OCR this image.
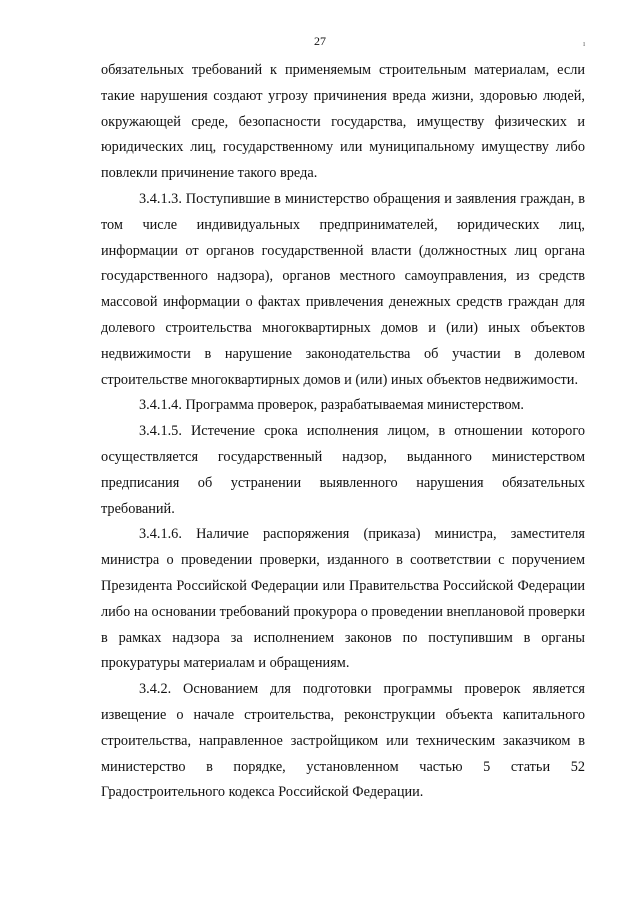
27	ı

обязательных требований к применяемым строительным материалам, если такие нарушения создают угрозу причинения вреда жизни, здоровью людей, окружающей среде, безопасности государства, имуществу физических и юридических лиц, государственному или муниципальному имуществу либо повлекли причинение такого вреда.

3.4.1.3. Поступившие в министерство обращения и заявления граждан, в том числе индивидуальных предпринимателей, юридических лиц, информации от органов государственной власти (должностных лиц органа государственного надзора), органов местного самоуправления, из средств массовой информации о фактах привлечения денежных средств граждан для долевого строительства многоквартирных домов и (или) иных объектов недвижимости в нарушение законодательства об участии в долевом строительстве многоквартирных домов и (или) иных объектов недвижимости.

3.4.1.4. Программа проверок, разрабатываемая министерством.

3.4.1.5. Истечение срока исполнения лицом, в отношении которого осуществляется государственный надзор, выданного министерством предписания об устранении выявленного нарушения обязательных требований.

3.4.1.6. Наличие распоряжения (приказа) министра, заместителя министра о проведении проверки, изданного в соответствии с поручением Президента Российской Федерации или Правительства Российской Федерации либо на основании требований прокурора о проведении внеплановой проверки в рамках надзора за исполнением законов по поступившим в органы прокуратуры материалам и обращениям.

3.4.2. Основанием для подготовки программы проверок является извещение о начале строительства, реконструкции объекта капитального строительства, направленное застройщиком или техническим заказчиком в министерство в порядке, установленном частью 5 статьи 52 Градостроительного кодекса Российской Федерации.
